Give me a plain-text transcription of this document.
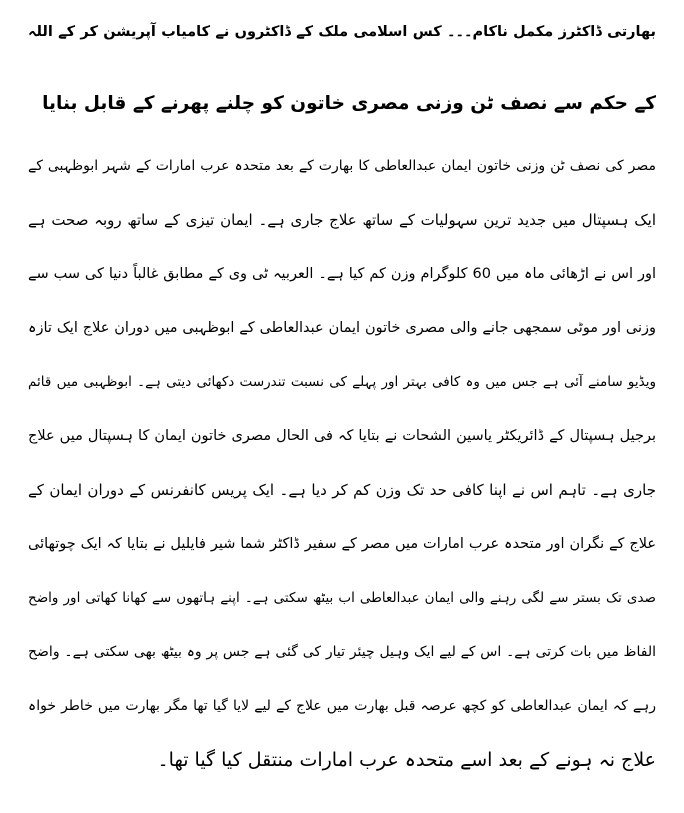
بھارتی ڈاکٹرز مکمل ناکام۔۔۔ کس اسلامی ملک کے ڈاکٹروں نے کامیاب آپریشن کر کے اللہ
کے حکم سے نصف ٹن وزنی مصری خاتون کو چلنے پھرنے کے قابل بنایا
مصر کی نصف ٹن وزنی خاتون ایمان عبدالعاطی کا بھارت کے بعد متحدہ عرب امارات کے شہر ابوظہبی کے
ایک ہسپتال میں جدید ترین سہولیات کے ساتھ علاج جاری ہے۔ ایمان تیزی کے ساتھ روبہ صحت ہے
اور اس نے اڑھائی ماہ میں 60 کلوگرام وزن کم کیا ہے۔ العربیہ ٹی وی کے مطابق غالباً دنیا کی سب سے
وزنی اور موٹی سمجھی جانے والی مصری خاتون ایمان عبدالعاطی کے ابوظہبی میں دوران علاج ایک تازہ
ویڈیو سامنے آئی ہے جس میں وہ کافی بہتر اور پہلے کی نسبت تندرست دکھائی دیتی ہے۔ ابوظہبی میں قائم
برجیل ہسپتال کے ڈائریکٹر یاسین الشحات نے بتایا کہ فی الحال مصری خاتون ایمان کا ہسپتال میں علاج
جاری ہے۔ تاہم اس نے اپنا کافی حد تک وزن کم کر دیا ہے۔ ایک پریس کانفرنس کے دوران ایمان کے
علاج کے نگران اور متحدہ عرب امارات میں مصر کے سفیر ڈاکٹر شما شیر فایلیل نے بتایا کہ ایک چوتھائی
صدی تک بستر سے لگی رہنے والی ایمان عبدالعاطی اب بیٹھ سکتی ہے۔ اپنے ہاتھوں سے کھانا کھاتی اور واضح
الفاظ میں بات کرتی ہے۔ اس کے لیے ایک وہیل چیئر تیار کی گئی ہے جس پر وہ بیٹھ بھی سکتی ہے۔ واضح
رہے کہ ایمان عبدالعاطی کو کچھ عرصہ قبل بھارت میں علاج کے لیے لایا گیا تھا مگر بھارت میں خاطر خواہ
علاج نہ ہونے کے بعد اسے متحدہ عرب امارات منتقل کیا گیا تھا۔
